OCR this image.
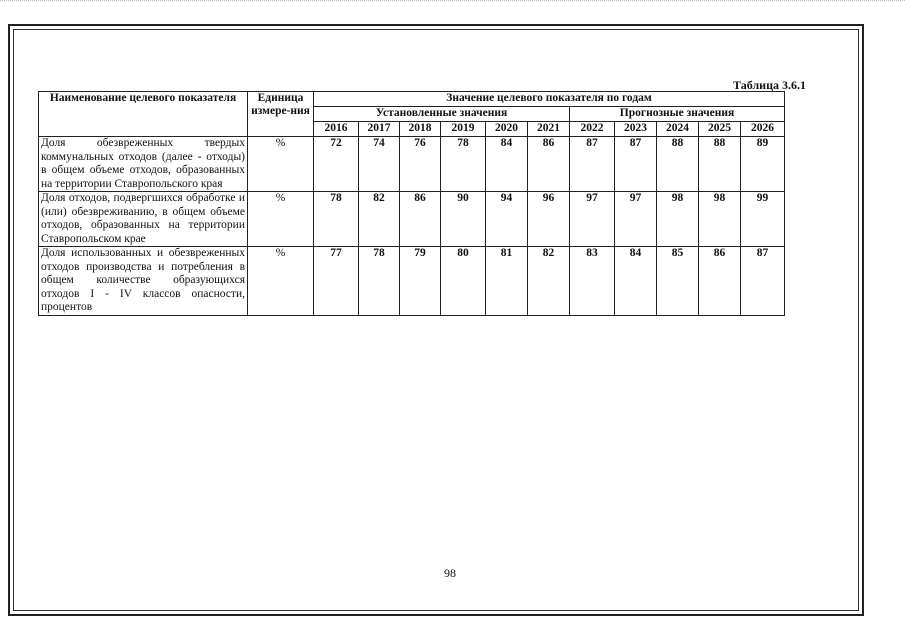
Таблица 3.6.1
Наименование целевого показателя	Единица измере-ния	Значение целевого показателя по годам										
		Установленные значения						Прогнозные значения				
		2016	2017	2018	2019	2020	2021	2022	2023	2024	2025	2026
Доля обезвреженных твердых коммунальных отходов (далее - отходы) в общем объеме отходов, образованных на территории Ставропольского края	%	72	74	76	78	84	86	87	87	88	88	89
Доля отходов, подвергшихся обработке и (или) обезвреживанию, в общем объеме отходов, образованных на территории Ставропольском крае	%	78	82	86	90	94	96	97	97	98	98	99
Доля использованных и обезвреженных отходов производства и потребления в общем количестве образующихся отходов I - IV классов опасности, процентов	%	77	78	79	80	81	82	83	84	85	86	87
98
